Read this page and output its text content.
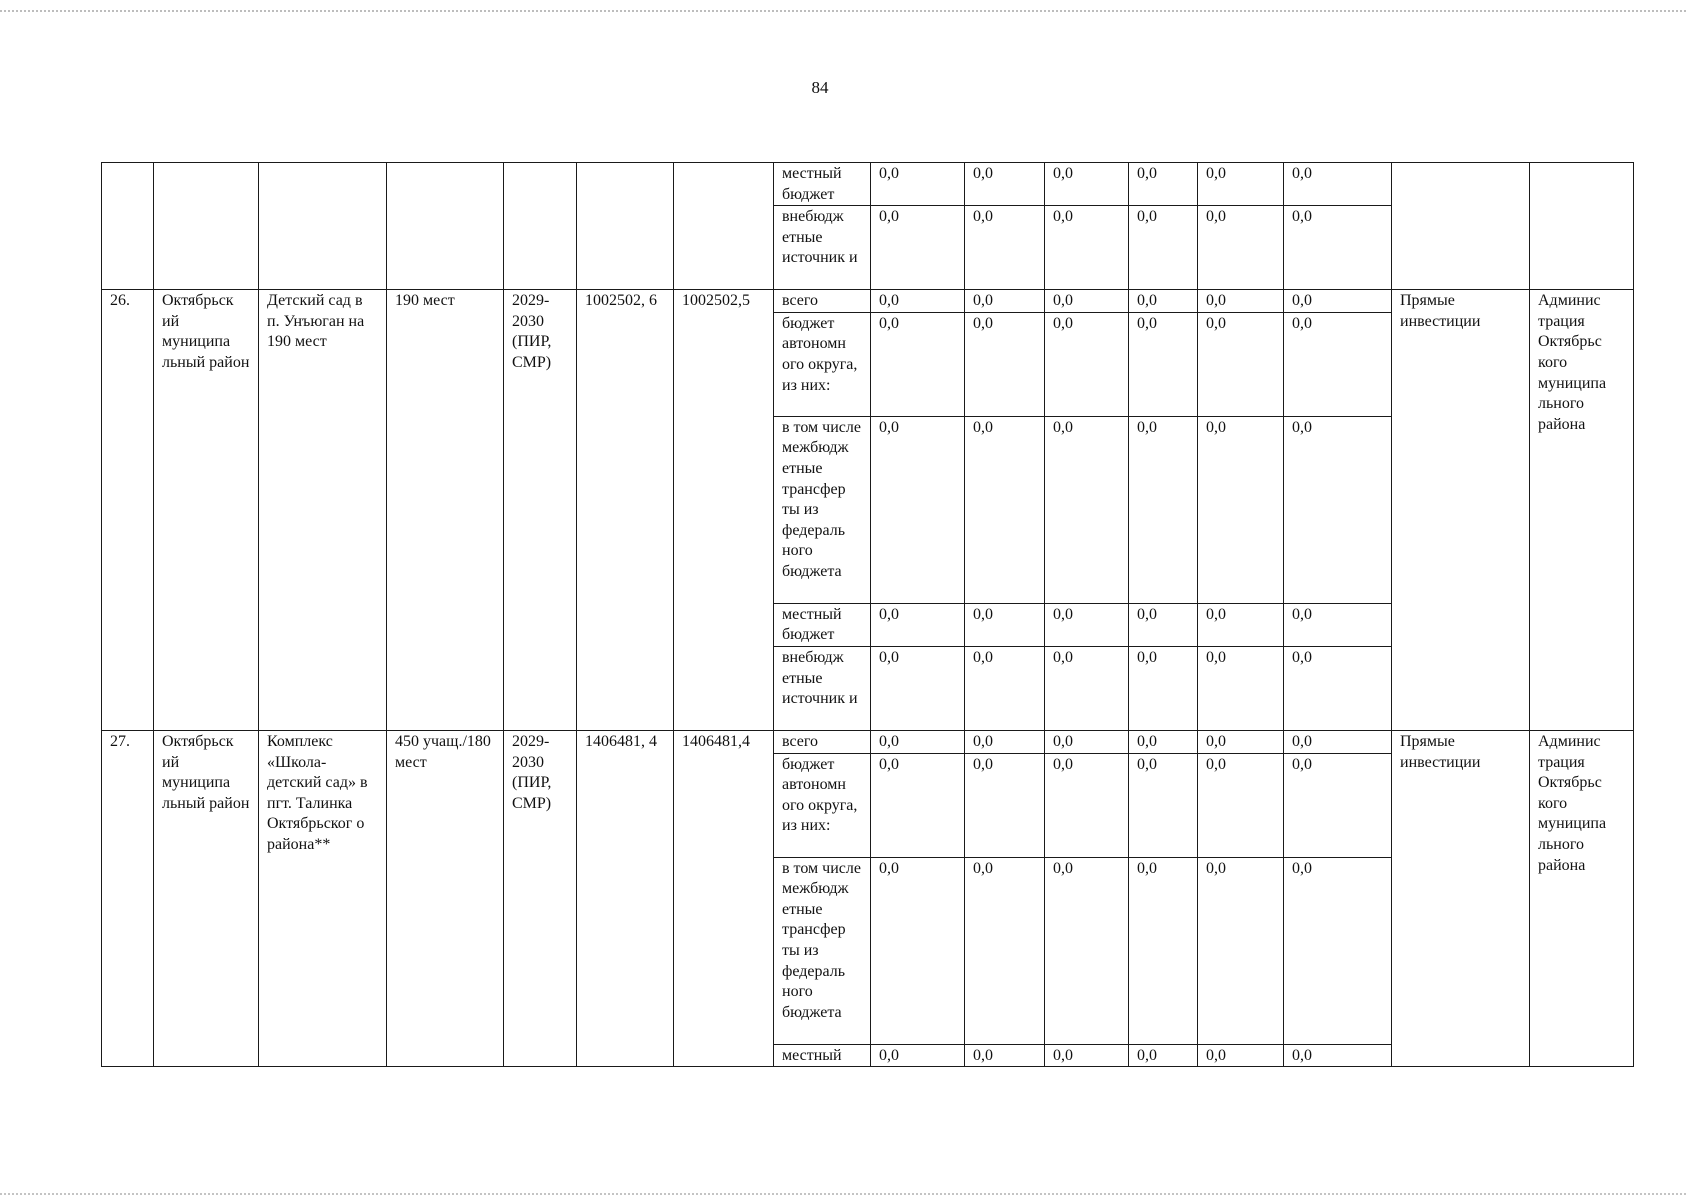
84
							местный бюджет	0,0	0,0	0,0	0,0	0,0	0,0		
							внебюдж етные источник и	0,0	0,0	0,0	0,0	0,0	0,0		
26.	Октябрьск ий муниципа льный район	Детский сад в п. Унъюган на 190 мест	190 мест	2029-2030 (ПИР, СМР)	1002502, 6	1002502,5	всего	0,0	0,0	0,0	0,0	0,0	0,0	Прямые инвестиции	Админис трация Октябрьс кого муниципа льного района
							бюджет автономн ого округа, из них:	0,0	0,0	0,0	0,0	0,0	0,0		
							в том числе межбюдж етные трансфер ты из федераль ного бюджета	0,0	0,0	0,0	0,0	0,0	0,0		
							местный бюджет	0,0	0,0	0,0	0,0	0,0	0,0		
							внебюдж етные источник и	0,0	0,0	0,0	0,0	0,0	0,0		
27.	Октябрьск ий муниципа льный район	Комплекс «Школа-детский сад» в пгт. Талинка Октябрьског о района**	450 учащ./180 мест	2029-2030 (ПИР, СМР)	1406481, 4	1406481,4	всего	0,0	0,0	0,0	0,0	0,0	0,0	Прямые инвестиции	Админис трация Октябрьс кого муниципа льного района
							бюджет автономн ого округа, из них:	0,0	0,0	0,0	0,0	0,0	0,0		
							в том числе межбюдж етные трансфер ты из федераль ного бюджета	0,0	0,0	0,0	0,0	0,0	0,0		
							местный	0,0	0,0	0,0	0,0	0,0	0,0		
